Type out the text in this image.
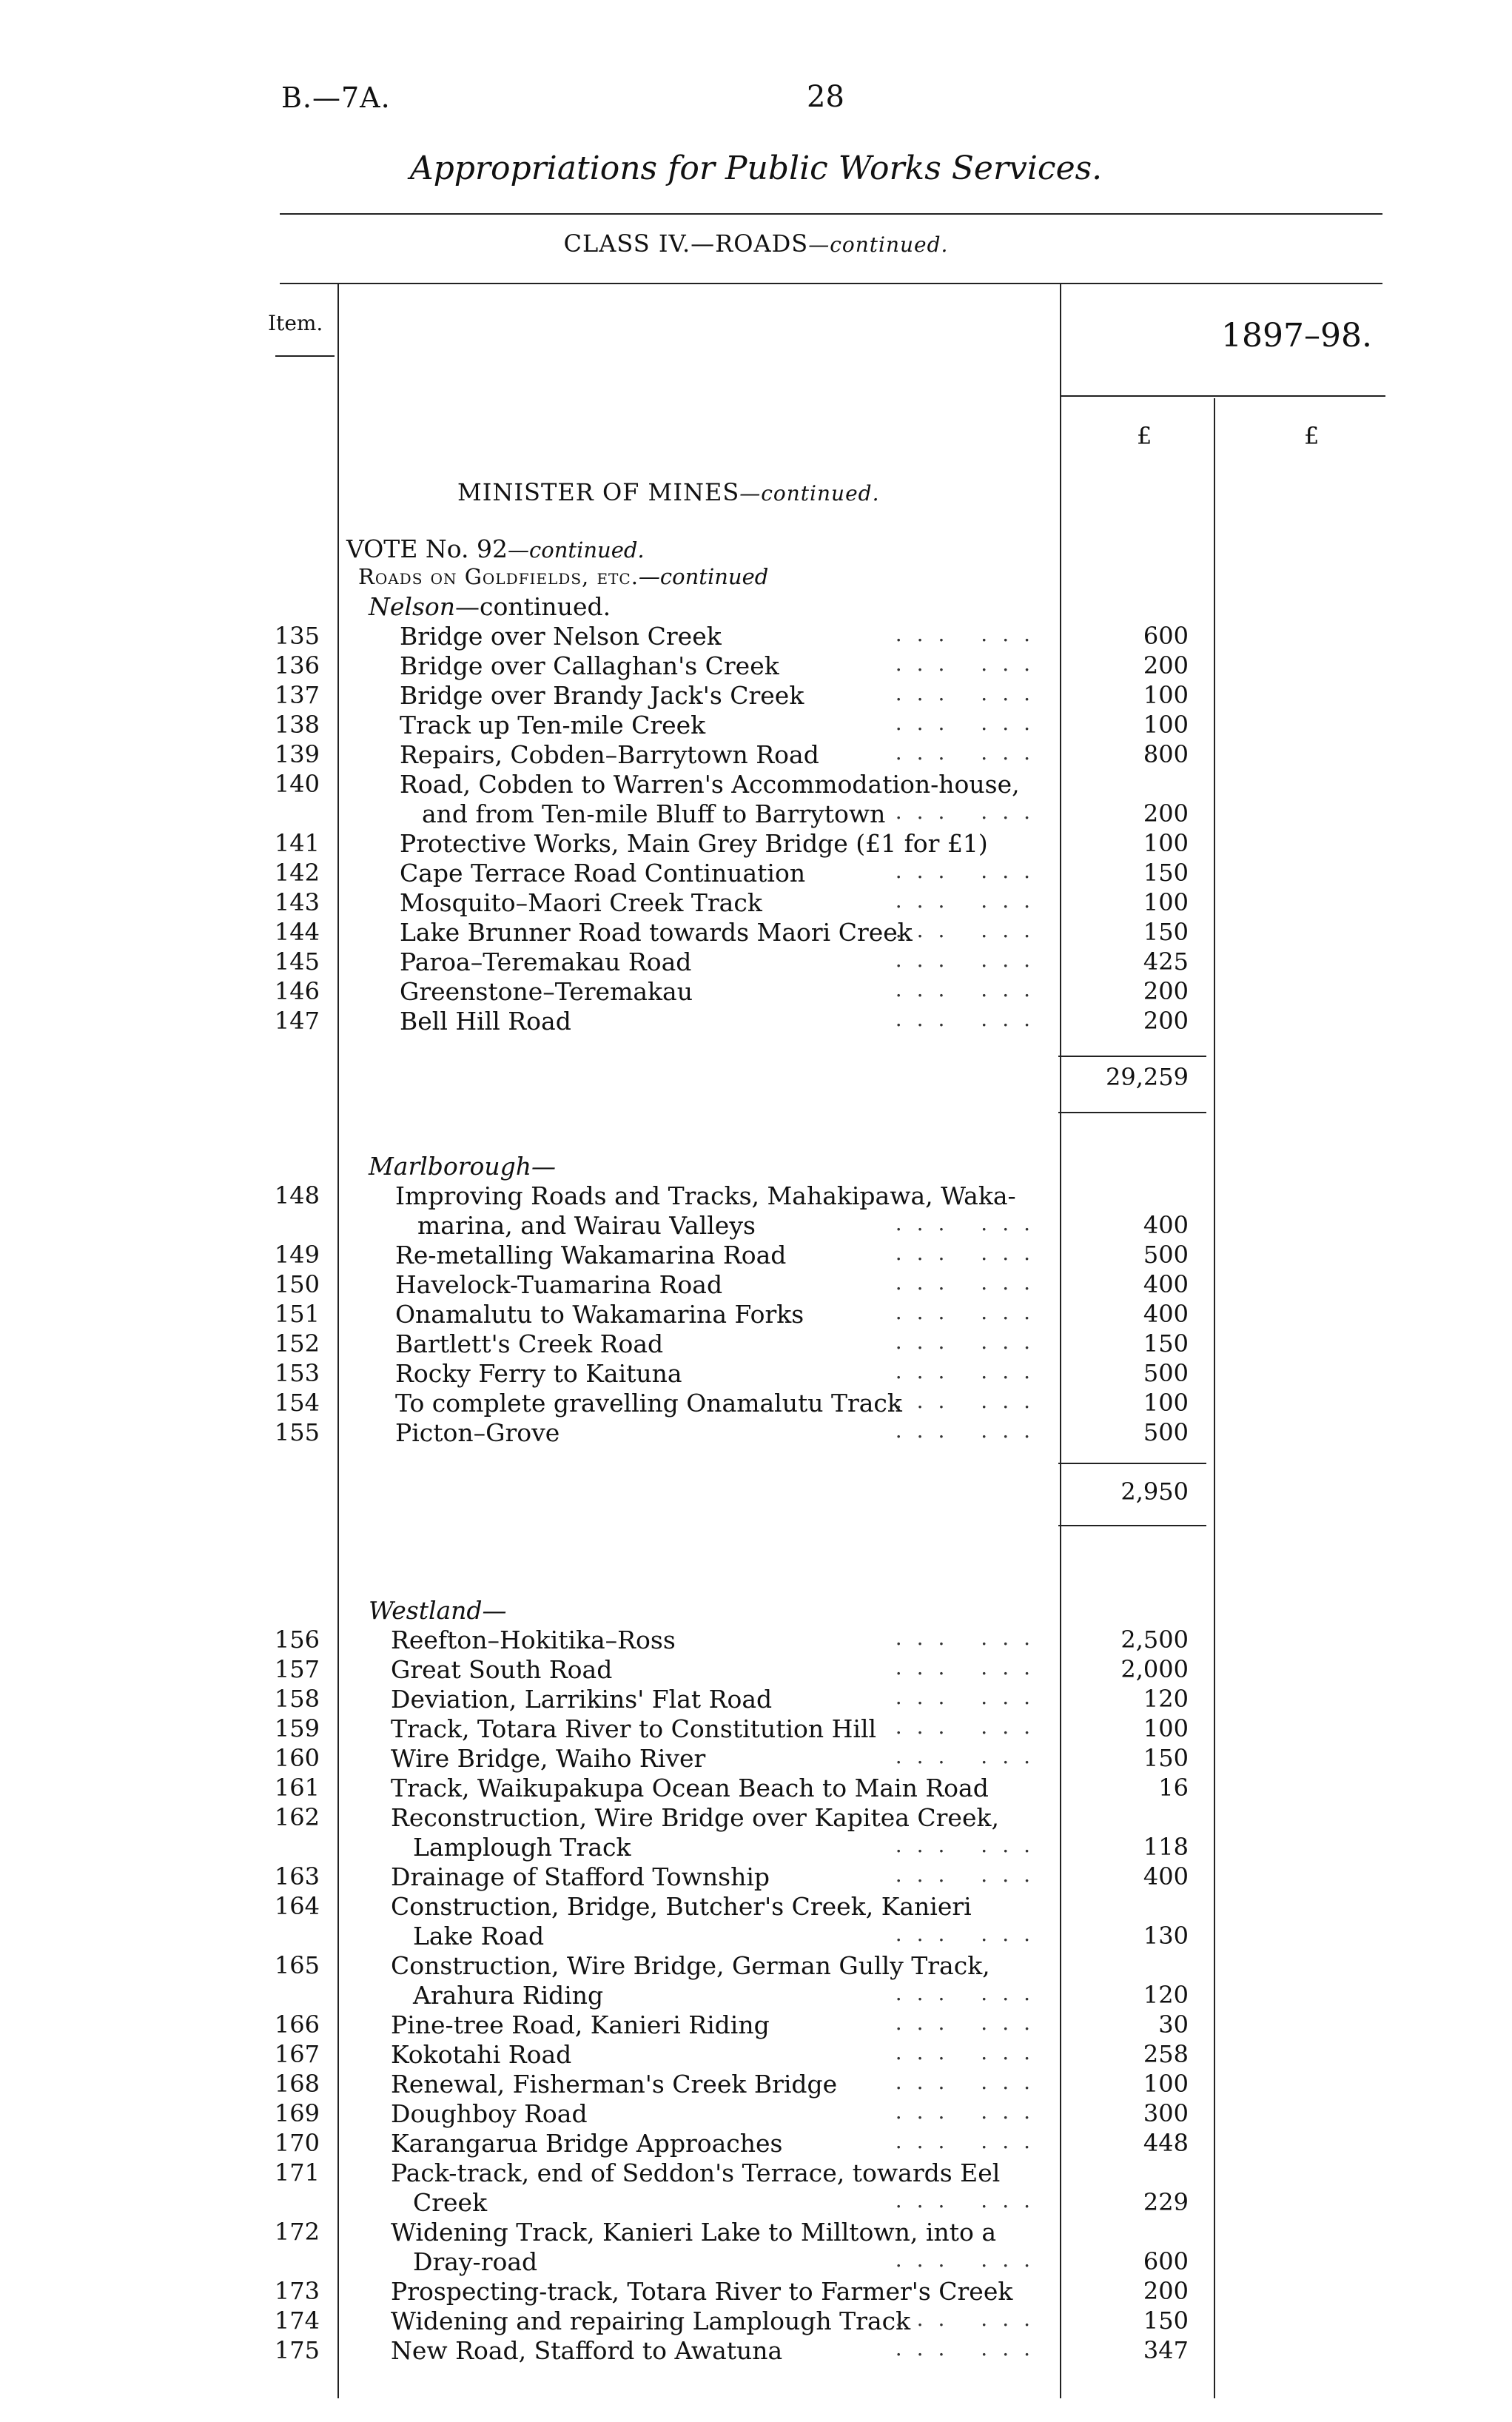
B.—7A.	28
Appropriations for Public Works Services.
CLASS IV.—ROADS—continued.
Item.	1897–98.
£	£
MINISTER OF MINES—continued.
VOTE No. 92—continued.
Roads on Goldfields, etc.—continued
Nelson—continued.
135	Bridge over Nelson Creek	... ...	600
136	Bridge over Callaghan's Creek	... ...	200
137	Bridge over Brandy Jack's Creek	... ...	100
138	Track up Ten-mile Creek	... ...	100
139	Repairs, Cobden–Barrytown Road	... ...	800
140	Road, Cobden to Warren's Accommodation-house,
and from Ten-mile Bluff to Barrytown ... ...	200
141	Protective Works, Main Grey Bridge (£1 for £1)	100
142	Cape Terrace Road Continuation	... ...	150
143	Mosquito–Maori Creek Track	... ...	100
144	Lake Brunner Road towards Maori Creek
... ...	150
145	Paroa–Teremakau Road	... ...	425
146	Greenstone–Teremakau	... ...	200
147	Bell Hill Road	... ...	200
29,259
Marlborough—
148	Improving Roads and Tracks, Mahakipawa, Waka-
marina, and Wairau Valleys	... ...	400
149	Re-metalling Wakamarina Road	... ...	500
150	Havelock-Tuamarina Road	... ...	400
151	Onamalutu to Wakamarina Forks	... ...	400
152	Bartlett's Creek Road	... ...	150
153	Rocky Ferry to Kaituna	... ...	500
154	To complete gravelling Onamalutu Track
... ...	100
155	Picton–Grove	... ...	500
2,950
Westland—
156	Reefton–Hokitika–Ross	... ...	2,500
157	Great South Road	... ...	2,000
158	Deviation, Larrikins' Flat Road	... ...	120
159	Track, Totara River to Constitution Hill ... ...	100
160	Wire Bridge, Waiho River	... ...	150
161	Track, Waikupakupa Ocean Beach to Main Road	16
162	Reconstruction, Wire Bridge over Kapitea Creek,
Lamplough Track	... ...	118
163	Drainage of Stafford Township	... ...	400
164	Construction, Bridge, Butcher's Creek, Kanieri
Lake Road	... ...	130
165	Construction, Wire Bridge, German Gully Track,
Arahura Riding	... ...	120
166	Pine-tree Road, Kanieri Riding	... ...	30
167	Kokotahi Road	... ...	258
168	Renewal, Fisherman's Creek Bridge	... ...	100
169	Doughboy Road	... ...	300
170	Karangarua Bridge Approaches	... ...	448
171	Pack-track, end of Seddon's Terrace, towards Eel
Creek	... ...	229
172	Widening Track, Kanieri Lake to Milltown, into a
Dray-road	... ...	600
173	Prospecting-track, Totara River to Farmer's Creek	200
174	Widening and repairing Lamplough Track
... ...	150
175	New Road, Stafford to Awatuna	... ...	347
